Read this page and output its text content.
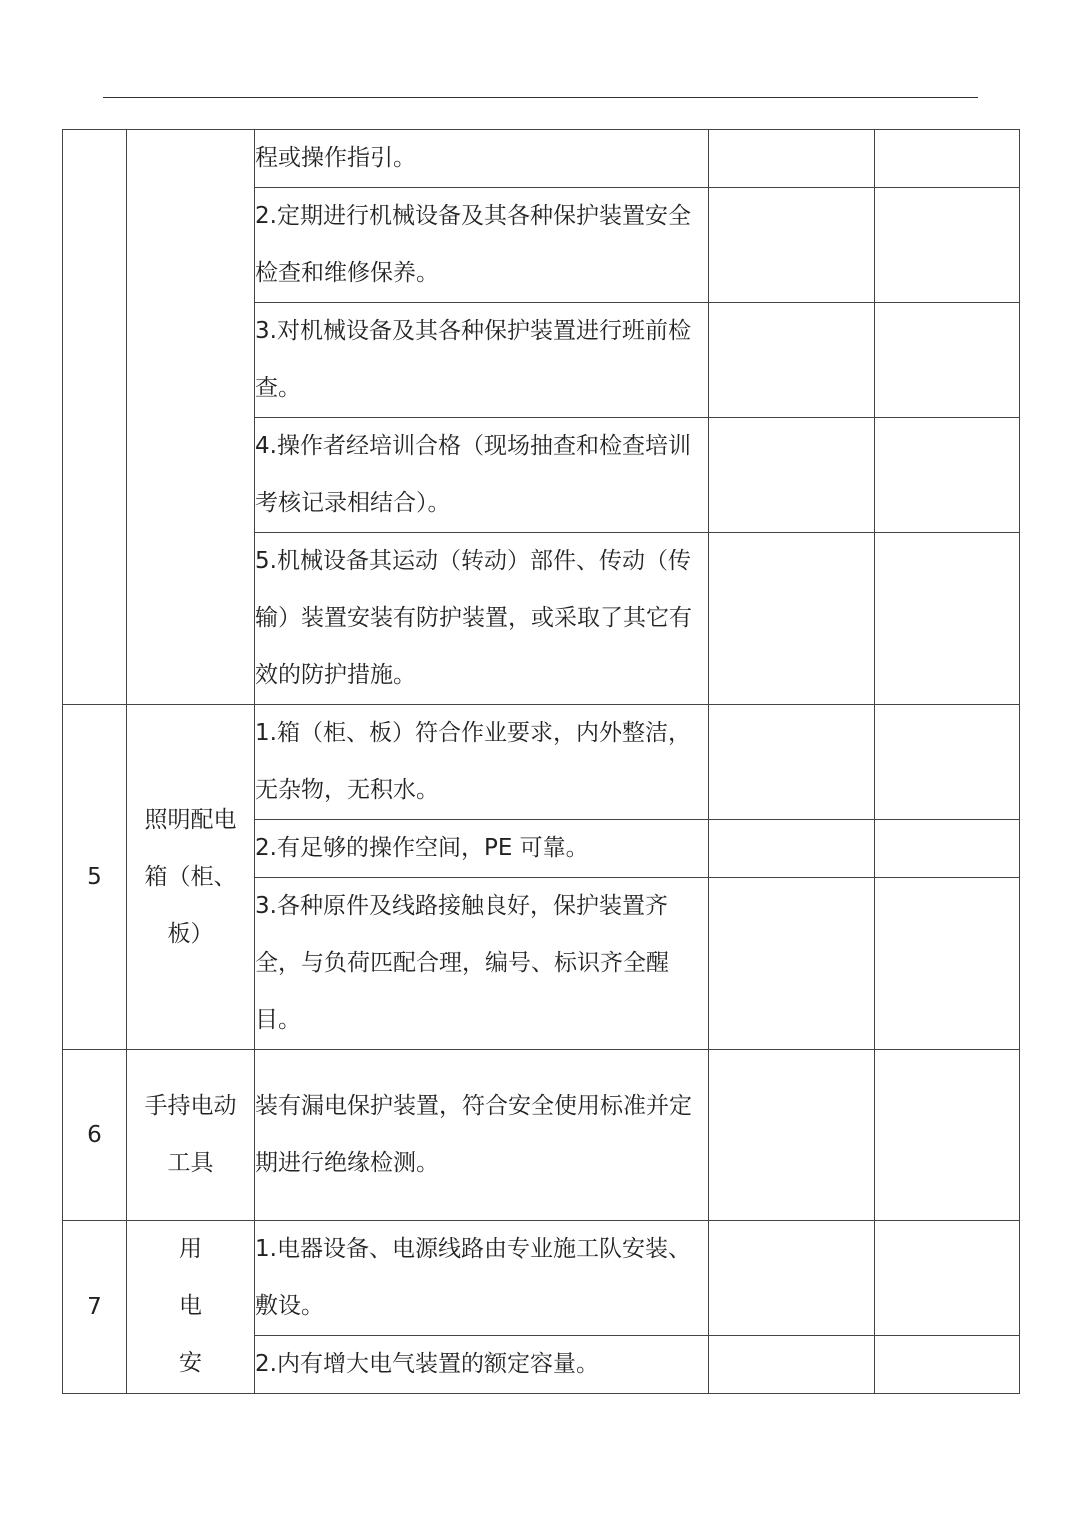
		程或操作指引。		
		2.定期进行机械设备及其各种保护装置安全检查和维修保养。		
		3.对机械设备及其各种保护装置进行班前检查。		
		4.操作者经培训合格（现场抽查和检查培训考核记录相结合）。		
		5.机械设备其运动（转动）部件、传动（传输）装置安装有防护装置，或采取了其它有效的防护措施。		
5	照明配电箱（柜、板）	1.箱（柜、板）符合作业要求，内外整洁，无杂物，无积水。		
		2.有足够的操作空间，PE 可靠。		
		3.各种原件及线路接触良好，保护装置齐全，与负荷匹配合理，编号、标识齐全醒目。		
6	手持电动工具	装有漏电保护装置，符合安全使用标准并定期进行绝缘检测。		
7	用电安	1.电器设备、电源线路由专业施工队安装、敷设。		
		2.内有增大电气装置的额定容量。		
